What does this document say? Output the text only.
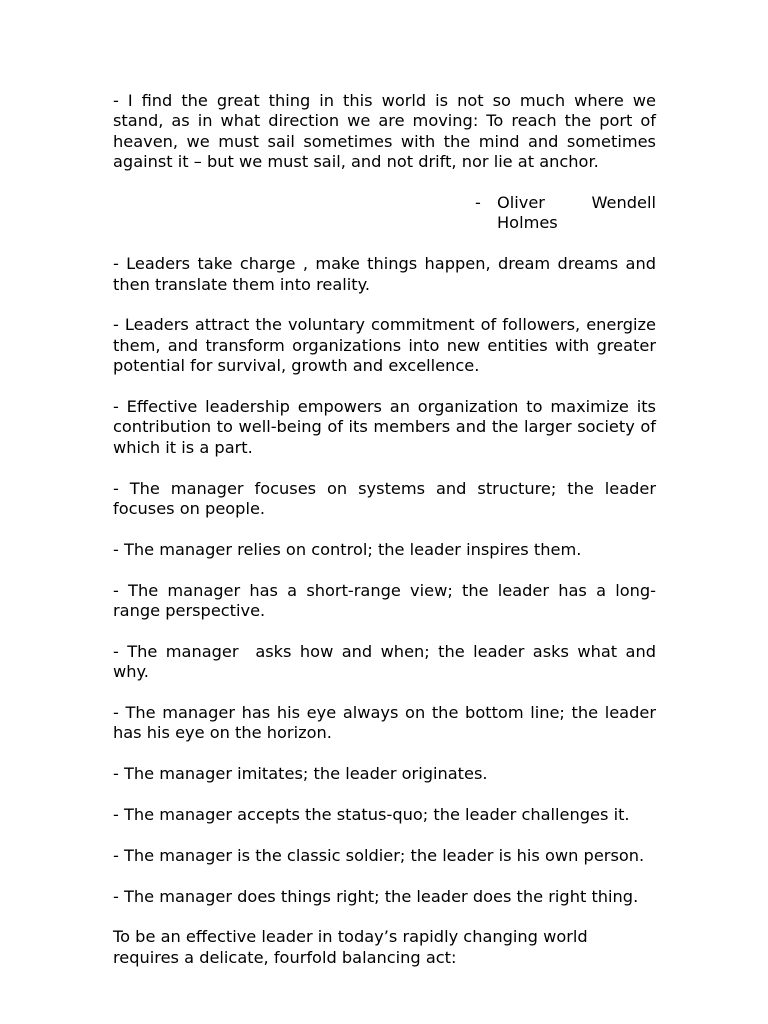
- I find the great thing in this world is not so much where we stand, as in what direction we are moving: To reach the port of heaven, we must sail sometimes with the mind and sometimes against it – but we must sail, and not drift, nor lie at anchor.

- Oliver	Wendell
Holmes

- Leaders take charge , make things happen, dream dreams and then translate them into reality.

- Leaders attract the voluntary commitment of followers, energize them, and transform organizations into new entities with greater potential for survival, growth and excellence.

- Effective leadership empowers an organization to maximize its contribution to well-being of its members and the larger society of which it is a part.

- The manager focuses on systems and structure; the leader focuses on people.

- The manager relies on control; the leader inspires them.

- The manager has a short-range view; the leader has a long-range perspective.

- The manager  asks how and when; the leader asks what and why.

- The manager has his eye always on the bottom line; the leader has his eye on the horizon.

- The manager imitates; the leader originates.

- The manager accepts the status-quo; the leader challenges it.

- The manager is the classic soldier; the leader is his own person.

- The manager does things right; the leader does the right thing.

To be an effective leader in today’s rapidly changing world requires a delicate, fourfold balancing act:
